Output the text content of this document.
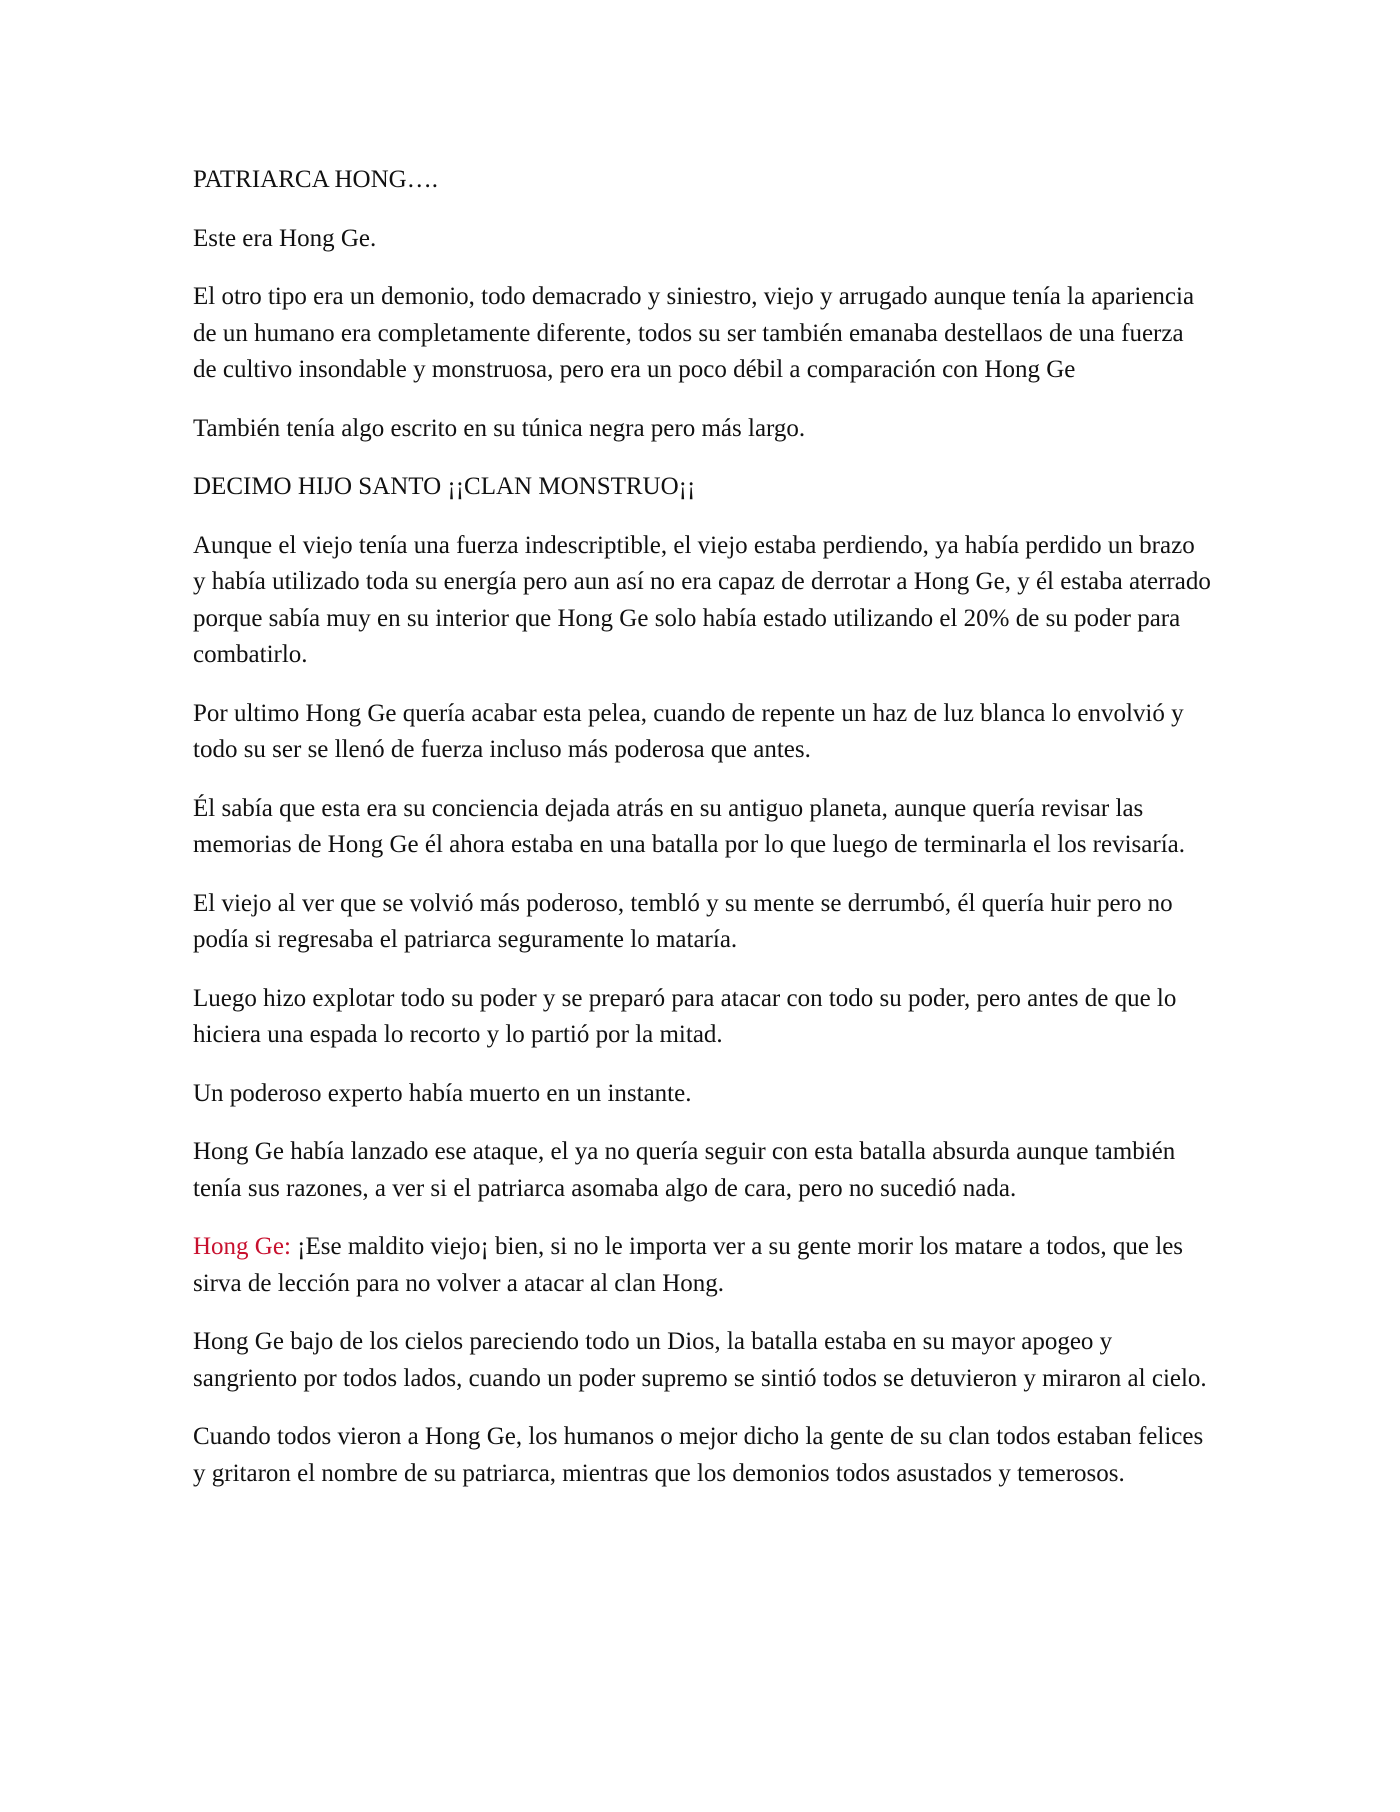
PATRIARCA HONG….

Este era Hong Ge.

El otro tipo era un demonio, todo demacrado y siniestro, viejo y arrugado aunque tenía la apariencia de un humano era completamente diferente, todos su ser también emanaba destellaos de una fuerza de cultivo insondable y monstruosa, pero era un poco débil a comparación con Hong Ge

También tenía algo escrito en su túnica negra pero más largo.

DECIMO HIJO SANTO ¡¡CLAN MONSTRUO¡¡

Aunque el viejo tenía una fuerza indescriptible, el viejo estaba perdiendo, ya había perdido un brazo y había utilizado toda su energía pero aun así no era capaz de derrotar a Hong Ge, y él estaba aterrado porque sabía muy en su interior que Hong Ge solo había estado utilizando el 20% de su poder para combatirlo.

Por ultimo Hong Ge quería acabar esta pelea, cuando de repente un haz de luz blanca lo envolvió y todo su ser se llenó de fuerza incluso más poderosa que antes.

Él sabía que esta era su conciencia dejada atrás en su antiguo planeta, aunque quería revisar las memorias de Hong Ge él ahora estaba en una batalla por lo que luego de terminarla el los revisaría.

El viejo al ver que se volvió más poderoso, tembló y su mente se derrumbó, él quería huir pero no podía si regresaba el patriarca seguramente lo mataría.

Luego hizo explotar todo su poder y se preparó para atacar con todo su poder, pero antes de que lo hiciera una espada lo recorto y lo partió por la mitad.

Un poderoso experto había muerto en un instante.

Hong Ge había lanzado ese ataque, el ya no quería seguir con esta batalla absurda aunque también tenía sus razones, a ver si el patriarca asomaba algo de cara, pero no sucedió nada.

Hong Ge: ¡Ese maldito viejo¡ bien, si no le importa ver a su gente morir los matare a todos, que les sirva de lección para no volver a atacar al clan Hong.

Hong Ge bajo de los cielos pareciendo todo un Dios, la batalla estaba en su mayor apogeo y sangriento por todos lados, cuando un poder supremo se sintió todos se detuvieron y miraron al cielo.

Cuando todos vieron a Hong Ge, los humanos o mejor dicho la gente de su clan todos estaban felices y gritaron el nombre de su patriarca, mientras que los demonios todos asustados y temerosos.
